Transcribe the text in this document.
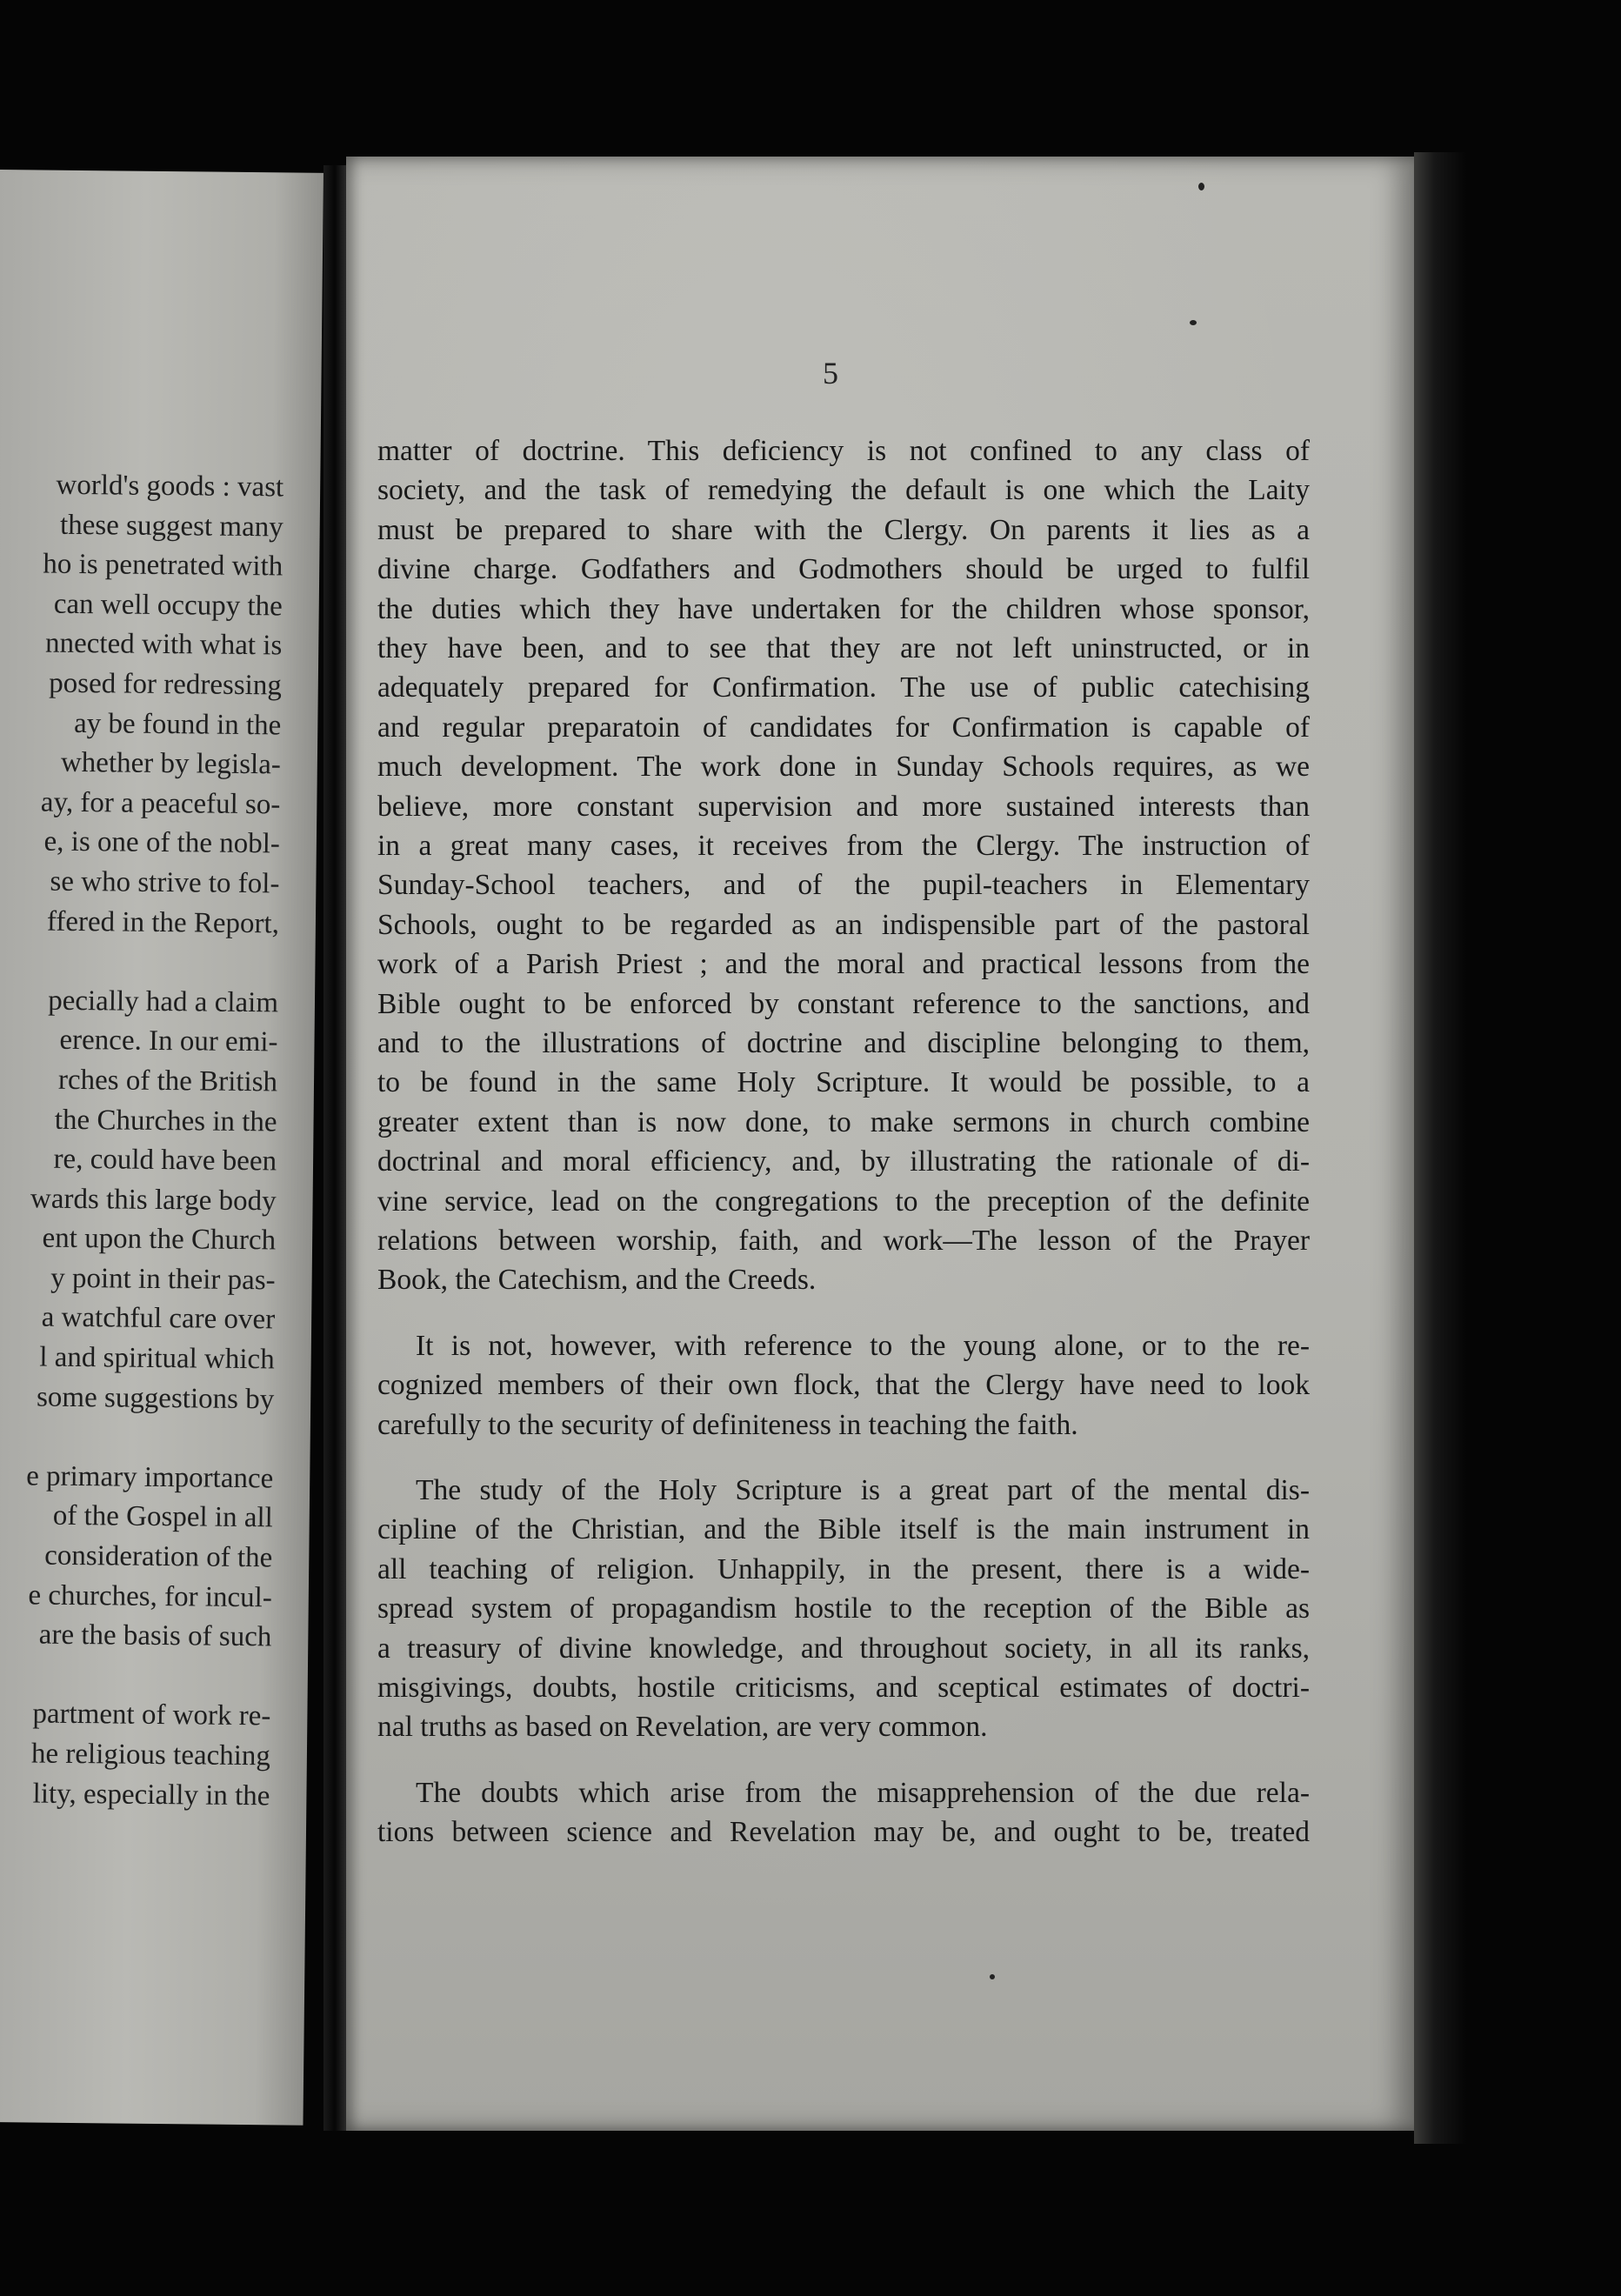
world's goods : vast
these suggest many
ho is penetrated with
can well occupy the
nnected with what is
posed for redressing
ay be found in the
whether by legisla-
ay, for a peaceful so-
e, is one of the nobl-
se who strive to fol-
ffered in the Report,
pecially had a claim
erence. In our emi-
rches of the British
the Churches in the
re, could have been
wards this large body
ent upon the Church
y point in their pas-
a watchful care over
l and spiritual which
some suggestions by
e primary importance
of the Gospel in all
consideration of the
e churches, for incul-
are the basis of such
partment of work re-
he religious teaching
lity, especially in the
5
matter of doctrine. This deficiency is not confined to any class of
society, and the task of remedying the default is one which the Laity
must be prepared to share with the Clergy. On parents it lies as a
divine charge. Godfathers and Godmothers should be urged to fulfil
the duties which they have undertaken for the children whose sponsor,
they have been, and to see that they are not left uninstructed, or in
adequately prepared for Confirmation. The use of public catechising
and regular preparatoin of candidates for Confirmation is capable of
much development. The work done in Sunday Schools requires, as we
believe, more constant supervision and more sustained interests than
in a great many cases, it receives from the Clergy. The instruction of
Sunday-School teachers, and of the pupil-teachers in Elementary
Schools, ought to be regarded as an indispensible part of the pastoral
work of a Parish Priest ; and the moral and practical lessons from the
Bible ought to be enforced by constant reference to the sanctions, and
and to the illustrations of doctrine and discipline belonging to them,
to be found in the same Holy Scripture. It would be possible, to a
greater extent than is now done, to make sermons in church combine
doctrinal and moral efficiency, and, by illustrating the rationale of di-
vine service, lead on the congregations to the preception of the definite
relations between worship, faith, and work—The lesson of the Prayer
Book, the Catechism, and the Creeds.
It is not, however, with reference to the young alone, or to the re-
cognized members of their own flock, that the Clergy have need to look
carefully to the security of definiteness in teaching the faith.
The study of the Holy Scripture is a great part of the mental dis-
cipline of the Christian, and the Bible itself is the main instrument in
all teaching of religion. Unhappily, in the present, there is a wide-
spread system of propagandism hostile to the reception of the Bible as
a treasury of divine knowledge, and throughout society, in all its ranks,
misgivings, doubts, hostile criticisms, and sceptical estimates of doctri-
nal truths as based on Revelation, are very common.
The doubts which arise from the misapprehension of the due rela-
tions between science and Revelation may be, and ought to be, treated
